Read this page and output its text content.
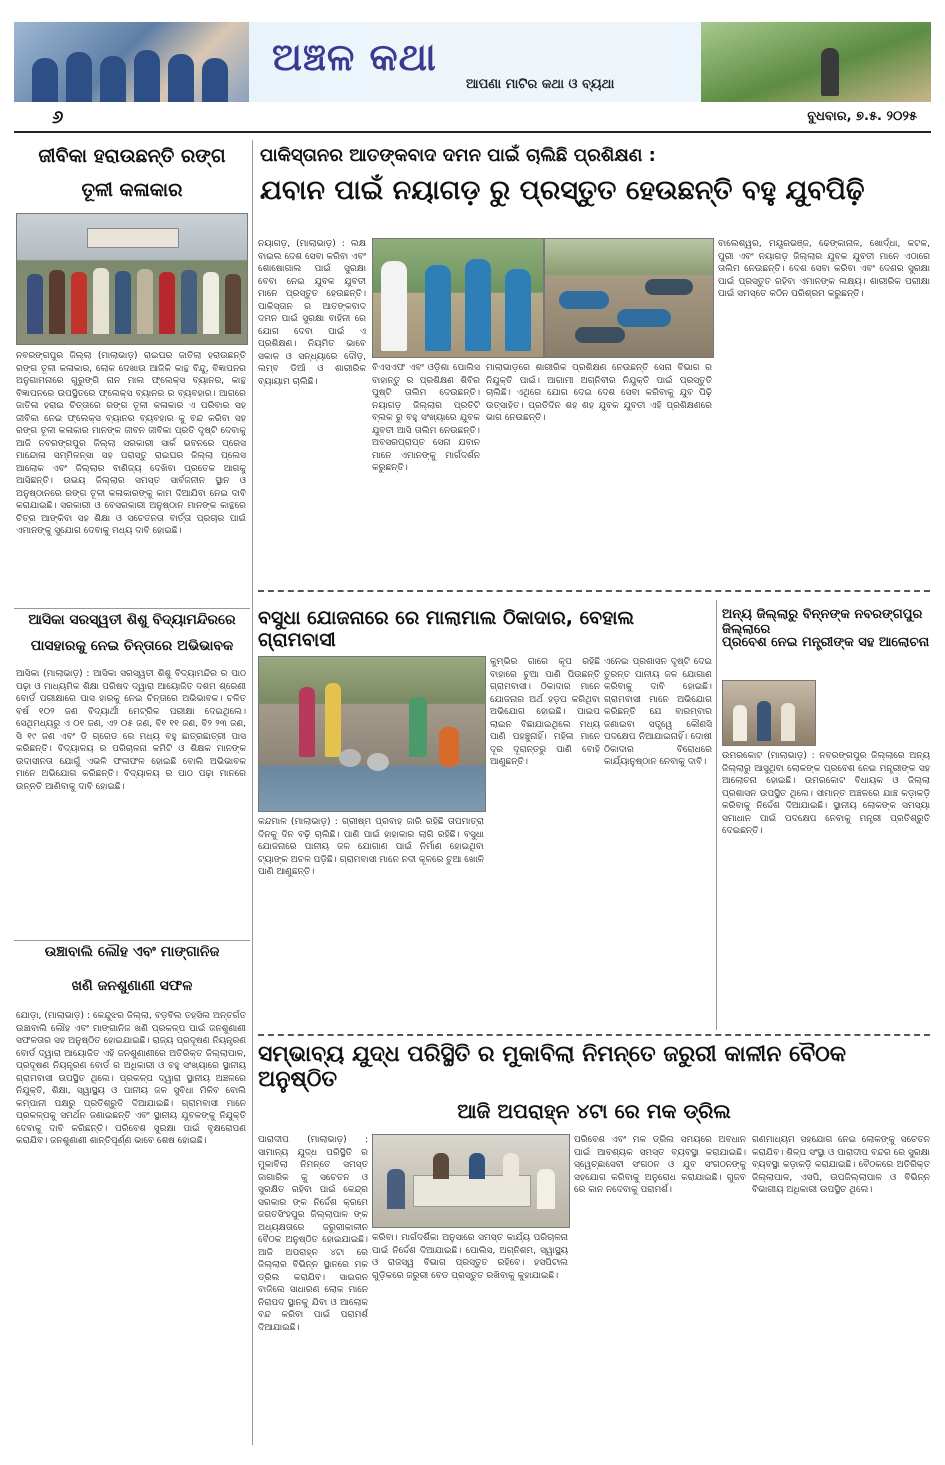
ଅଞ୍ଚଳ କଥା
ଆପଣା ମାଟିର କଥା ଓ ବ୍ୟଥା
୬	ବୁଧବାର, ୭.୫. ୨୦୨୫
ଜୀବିକା ହରାଉଛନ୍ତି ରଙ୍ଗ
ତୂଳୀ କଳାକାର
ନବରଙ୍ଗପୁର ଜିଲ୍ଲା (ମାଲାଭାଡ଼) ରାଇଘର ଜାତିଲା ହରାଉଛନ୍ତି ରଙ୍ଗ ତୂଳୀ କଳାକାର, ଲୋକ ଦେଖାଉ ଆଜିକି କାନ୍ଥ ବିନ୍ଦୁ, ବିଜ୍ଞାପନର ଅନୁଗାମନାରେ ଗୁରୁଙ୍ଗି ନାନ ମାଲ ଫ୍ଲେକ୍ସ ବ୍ୟାନର, କାନ୍ଥ ବିଜ୍ଞାପନରେ ଉପସ୍ଥିତରେ ଫ୍ଲେକ୍ସ ବ୍ୟାନର ର ବ୍ୟବହାର। ଆଗରେ ଜାତିଳା ହରାଇ ଚିତ୍ତାରେ ରଙ୍ଗ ତୂଳୀ କଳାକାର ଏ ପରିବାର ସହ ଜୀବିକା ନେଇ ଫ୍ଲେକ୍ସ ବ୍ୟାନର ବ୍ୟବହାର କୁ ବନ୍ଦ କରିବା ସହ ରଙ୍ଗ ତୂଳୀ କଳାକାର ମାନଙ୍କ ଜୀବନ ଜୀବିକା ପ୍ରତି ଦୃଷ୍ଟି ଦେବାକୁ ଆଜି ନବରଙ୍ଗପୁର ଜିଲ୍ଲା ସରକାରୀ ସାର୍କ ଭବନରେ ପ୍ରେସ ମାନ୍ଦୋଳା ସମ୍ମିଳନ୍ସା ସହ ପରାସ୍ତୁ ରାଇଘର ଜିଲ୍ଲା ପ୍ଲେସ ଆଲୋକ ଏବଂ ଜିଲ୍ଲାର ବାଣିଜ୍ୟ ଦେଖିବା ପ୍ରତେକ ଆଗକୁ ଆସିଛନ୍ତି। ଉଭୟ ଜିଲ୍ଲାର ସମସ୍ତ ସାର୍ବଜନୀନ ସ୍ଥାନ ଓ ଅନୁଷ୍ଠାନରେ ରଙ୍ଗ ତୂଳୀ କଳାକାରଙ୍କୁ କାମ ଦିଆଯିବା ନେଇ ଦାବି କରାଯାଇଛି। ସରକାରୀ ଓ ବେସରକାରୀ ଅନୁଷ୍ଠାନ ମାନଙ୍କ କାନ୍ଥରେ ଚିତ୍ର ଆଙ୍କିବା ସହ ଶିକ୍ଷା ଓ ସଚେତନତା ବାର୍ତ୍ତା ପ୍ରଚାର ପାଇଁ ଏମାନଙ୍କୁ ସୁଯୋଗ ଦେବାକୁ ମଧ୍ୟ ଦାବି ହୋଇଛି।
ଆସିକା ସରସ୍ୱତୀ ଶିଶୁ ବିଦ୍ୟାମନ୍ଦିରରେ
ପାସହାରକୁ ନେଇ ଚିନ୍ତାରେ ଅଭିଭାବକ
ଆସିକା (ମାଲାଭାଡ଼) : ଆସିକା ସରସ୍ୱତୀ ଶିଶୁ ବିଦ୍ୟାମନ୍ଦିର ର ପାଠ ପଢ଼ା ଓ ମାଧ୍ୟମିକ ଶିକ୍ଷା ପରିଷଦ ଦ୍ୱାରା ଆୟୋଜିତ ଦଶମ ଶ୍ରେଣୀ ବୋର୍ଡ ପରୀକ୍ଷାରେ ପାସ ହାରକୁ ନେଇ ଚିନ୍ତାରେ ଅଭିଭାବକ। ଚଳିତ ବର୍ଷ ୧୦୨ ଜଣ ବିଦ୍ୟାର୍ଥୀ ମେଟ୍ରିକ ପରୀକ୍ଷା ଦେଇଥିଲେ। ସେଥିମଧ୍ୟରୁ ଏ ୦୧ ଜଣ, ଏ୨ ୦୫ ଜଣ, ବି୧ ୧୧ ଜଣ, ବି୨ ୨୩ ଜଣ, ସି ୧୯ ଜଣ ଏବଂ ଡି ଗ୍ରେଡ ରେ ମଧ୍ୟ ବହୁ ଛାତ୍ରଛାତ୍ରୀ ପାସ କରିଛନ୍ତି। ବିଦ୍ୟାଳୟ ର ପରିଚାଳନା କମିଟି ଓ ଶିକ୍ଷକ ମାନଙ୍କ ଉଦାସୀନତା ଯୋଗୁଁ ଏଭଳି ଫଳାଫଳ ହୋଇଛି ବୋଲି ଅଭିଭାବକ ମାନେ ଅଭିଯୋଗ କରିଛନ୍ତି। ବିଦ୍ୟାଳୟ ର ପାଠ ପଢ଼ା ମାନରେ ଉନ୍ନତି ଆଣିବାକୁ ଦାବି ହୋଇଛି।
ଉଞ୍ଚାବାଲି ଲୌହ ଏବଂ ମାଙ୍ଗାନିଜ
ଖଣି ଜନଶୁଣାଣୀ ସଫଳ
ଯୋଡ଼ା, (ମାଲାଭାଡ଼) : କେନ୍ଦୁଝର ଜିଲ୍ଲା, ବଡ଼ବିଲ ତହସିଲ ଅନ୍ତର୍ଗତ ଉଞ୍ଚାବାଲି ଲୌହ ଏବଂ ମାଙ୍ଗାନିଜ ଖଣି ପ୍ରକଳ୍ପ ପାଇଁ ଜନଶୁଣାଣୀ ସଫଳତାର ସହ ଅନୁଷ୍ଠିତ ହୋଇଯାଇଛି। ରାଜ୍ୟ ପ୍ରଦୂଷଣ ନିୟନ୍ତ୍ରଣ ବୋର୍ଡ ଦ୍ୱାରା ଆୟୋଜିତ ଏହି ଜନଶୁଣାଣୀରେ ଅତିରିକ୍ତ ଜିଲ୍ଲାପାଳ, ପ୍ରଦୂଷଣ ନିୟନ୍ତ୍ରଣ ବୋର୍ଡ ର ଅଧିକାରୀ ଓ ବହୁ ସଂଖ୍ୟାରେ ସ୍ଥାନୀୟ ଗ୍ରାମବାସୀ ଉପସ୍ଥିତ ଥିଲେ। ପ୍ରକଳ୍ପ ଦ୍ୱାରା ସ୍ଥାନୀୟ ଅଞ୍ଚଳରେ ନିଯୁକ୍ତି, ଶିକ୍ଷା, ସ୍ୱାସ୍ଥ୍ୟ ଓ ପାନୀୟ ଜଳ ସୁବିଧା ମିଳିବ ବୋଲି କମ୍ପାନୀ ପକ୍ଷରୁ ପ୍ରତିଶ୍ରୁତି ଦିଆଯାଇଛି। ଗ୍ରାମବାସୀ ମାନେ ପ୍ରକଳ୍ପକୁ ସମର୍ଥନ ଜଣାଇଛନ୍ତି ଏବଂ ସ୍ଥାନୀୟ ଯୁବକଙ୍କୁ ନିଯୁକ୍ତି ଦେବାକୁ ଦାବି କରିଛନ୍ତି। ପରିବେଶ ସୁରକ୍ଷା ପାଇଁ ବୃକ୍ଷରୋପଣ କରାଯିବ। ଜନଶୁଣାଣୀ ଶାନ୍ତିପୂର୍ଣ୍ଣ ଭାବେ ଶେଷ ହୋଇଛି।
ପାକିସ୍ତାନର ଆତଙ୍କବାଦ ଦମନ ପାଇଁ ଚାଲିଛି ପ୍ରଶିକ୍ଷଣ :
ଯବାନ ପାଇଁ ନୟାଗଡ଼ ରୁ ପ୍ରସ୍ତୁତ ହେଉଛନ୍ତି ବହୁ ଯୁବପିଢ଼ି
ନୟାଗଡ଼, (ମାଲାଭାଡ଼) : ଲକ୍ଷ ବାଇଲ ଦେଶ ସେବା କରିବା ଏବଂ ଶୋଷୋଗାଲ ପାଇଁ ସୁରକ୍ଷା ବେବା ନେଇ ଯୁବକ ଯୁବତୀ ମାନେ ପ୍ରସ୍ତୁତ ହେଉଛନ୍ତି। ପାକିସ୍ତାନ ର ଆତଙ୍କବାଦ ଦମନ ପାଇଁ ସୁରକ୍ଷା ବାହିନୀ ରେ ଯୋଗ ଦେବା ପାଇଁ ଏ ପ୍ରଶିକ୍ଷଣ। ନିୟମିତ ଭାବେ ସକାଳ ଓ ସନ୍ଧ୍ୟାରେ ଦୌଡ଼, ଲମ୍ବ ଡିଆଁ ଓ ଶାରୀରିକ ବ୍ୟାୟାମ ଚାଲିଛି।
ବିଏସଏଫ ଏବଂ ଓଡ଼ିଶା ପୋଲିସ ବାହାନ୍ତୁ ର ପ୍ରଶିକ୍ଷଣ ଶିବିର ପୁଷ୍ଟି ତାଲିମ ଦେଉଛନ୍ତି। ନୟାଗଡ଼ ଜିଲ୍ଲାର ପ୍ରତିଟି ବ୍ଲକ ରୁ ବହୁ ସଂଖ୍ୟାରେ ଯୁବକ ଯୁବତୀ ଆସି ତାଲିମ ନେଉଛନ୍ତି। ଅବସରପ୍ରାପ୍ତ ସେନା ଯବାନ ମାନେ ଏମାନଙ୍କୁ ମାର୍ଗଦର୍ଶନ କରୁଛନ୍ତି।
ମାଲାଭାଡ଼ରେ ଶାରୀରିକ ପ୍ରଶିକ୍ଷଣ ନେଉଛନ୍ତି ସେନା ବିଭାଗ ର ନିଯୁକ୍ତି ପାଇଁ। ଆଗାମୀ ଅଗ୍ନିବୀର ନିଯୁକ୍ତି ପାଇଁ ପ୍ରସ୍ତୁତି ଚାଲିଛି। ଏଥିରେ ଯୋଗ ଦେଇ ଦେଶ ସେବା କରିବାକୁ ଯୁବ ପିଢ଼ି ଉତ୍ସାହିତ। ପ୍ରତିଦିନ ଶହ ଶହ ଯୁବକ ଯୁବତୀ ଏହି ପ୍ରଶିକ୍ଷଣରେ ଭାଗ ନେଉଛନ୍ତି।
ବାଲେଶ୍ୱର, ମୟୂରଭଞ୍ଜ, ଢେଙ୍କାନାଳ, ଖୋର୍ଦ୍ଧା, କଟକ, ପୁରୀ ଏବଂ ନୟାଗଡ଼ ଜିଲ୍ଲାର ଯୁବକ ଯୁବତୀ ମାନେ ଏଠାରେ ତାଲିମ ନେଉଛନ୍ତି। ଦେଶ ସେବା କରିବା ଏବଂ ଦେଶର ସୁରକ୍ଷା ପାଇଁ ପ୍ରସ୍ତୁତ ରହିବା ଏମାନଙ୍କ ଲକ୍ଷ୍ୟ। ଶାରୀରିକ ପରୀକ୍ଷା ପାଇଁ ସମସ୍ତେ କଠିନ ପରିଶ୍ରମ କରୁଛନ୍ତି।
ବସୁଧା ଯୋଜନାରେ ରେ ମାଲାମାଲ ଠିକାଦାର, ବେହାଲ ଗ୍ରାମବାସୀ
କନ୍ଦମାଳ (ମାଲାଭାଡ଼) : ଗ୍ରୀଷ୍ମ ପ୍ରବାହ ଜାରି ରହିଛି ତାପମାତ୍ରା ଦିନକୁ ଦିନ ବଢ଼ି ଚାଲିଛି। ପାଣି ପାଇଁ ହାହାକାର ଲାଗି ରହିଛି। ବସୁଧା ଯୋଜନାରେ ପାନୀୟ ଜଳ ଯୋଗାଣ ପାଇଁ ନିର୍ମାଣ ହୋଇଥିବା ଟ୍ୟାଙ୍କ ଅଚଳ ପଡ଼ିଛି। ଗ୍ରାମବାସୀ ମାନେ ନଦୀ କୂଳରେ ଚୁଆ ଖୋଳି ପାଣି ଆଣୁଛନ୍ତି।
କୁମ୍ଭିର ଗାରେ କୂପ ରହିଛି ବାହାରେ ଚୁଆ ପାଣି ପିଉଛନ୍ତି ଗ୍ରାମବାସୀ। ଠିକାଦାର ମାନେ ଯୋଜନାର ଅର୍ଥ ହଡ଼ପ କରିଥିବା ଅଭିଯୋଗ ହୋଇଛି। ପାଇପ ଲାଇନ ବିଛାଯାଇଥିଲେ ମଧ୍ୟ ପାଣି ପହଞ୍ଚୁନାହିଁ। ମହିଳା ମାନେ ଦୂର ଦୂରାନ୍ତରୁ ପାଣି ବୋହି ଆଣୁଛନ୍ତି।
ଏନେଇ ପ୍ରଶାସନ ଦୃଷ୍ଟି ଦେଇ ତୁରନ୍ତ ପାନୀୟ ଜଳ ଯୋଗାଣ କରିବାକୁ ଦାବି ହୋଇଛି। ଗ୍ରାମବାସୀ ମାନେ ଅଭିଯୋଗ କରିଛନ୍ତି ଯେ ବାରମ୍ବାର ଜଣାଇବା ସତ୍ତ୍ୱେ କୌଣସି ପଦକ୍ଷେପ ନିଆଯାଇନାହିଁ। ଦୋଷୀ ଠିକାଦାର ବିରୋଧରେ କାର୍ଯ୍ୟାନୁଷ୍ଠାନ ନେବାକୁ ଦାବି।
ଅନ୍ୟ ଜିଲ୍ଲାରୁ ବିନ୍ନଙ୍କ ନବରଙ୍ଗପୁର ଜିଲ୍ଲାରେ
ପ୍ରବେଶ ନେଇ ମନ୍ତ୍ରୀଙ୍କ ସହ ଆଲୋଚନା
ଉମରକୋଟ (ମାଲାଭାଡ଼) : ନବରଙ୍ଗପୁର ଜିଲ୍ଲାରେ ଅନ୍ୟ ଜିଲ୍ଲାରୁ ଆସୁଥିବା ଲୋକଙ୍କ ପ୍ରବେଶ ନେଇ ମନ୍ତ୍ରୀଙ୍କ ସହ ଆଲୋଚନା ହୋଇଛି। ଉମରକୋଟ ବିଧାୟକ ଓ ଜିଲ୍ଲା ପ୍ରଶାସନ ଉପସ୍ଥିତ ଥିଲେ। ସୀମାନ୍ତ ଅଞ୍ଚଳରେ ଯାଞ୍ଚ କଡ଼ାକଡ଼ି କରିବାକୁ ନିର୍ଦ୍ଦେଶ ଦିଆଯାଇଛି। ସ୍ଥାନୀୟ ଲୋକଙ୍କ ସମସ୍ୟା ସମାଧାନ ପାଇଁ ପଦକ୍ଷେପ ନେବାକୁ ମନ୍ତ୍ରୀ ପ୍ରତିଶ୍ରୁତି ଦେଇଛନ୍ତି।
ସମ୍ଭାବ୍ୟ ଯୁଦ୍ଧ ପରିସ୍ଥିତି ର ମୁକାବିଲା ନିମନ୍ତେ ଜରୁରୀ କାଳୀନ ବୈଠକ ଅନୁଷ୍ଠିତ
ଆଜି ଅପରାହ୍ନ ୪ଟା ରେ ମକ ଡ୍ରିଲ
ପାରାଦୀପ (ମାଲାଭାଡ଼) : ସାମାନ୍ୟ ଯୁଦ୍ଧ ପରିସ୍ଥିତି ର ମୁକାବିଲା ନିମନ୍ତେ ସମସ୍ତ ଜାଗାରିକ କୁ ସଚେତନ ଓ ସୁରକ୍ଷିତ ରହିବା ପାଇଁ କେନ୍ଦ୍ର ସରକାର ଙ୍କ ନିର୍ଦ୍ଦେଶ କ୍ରମେ ଜଗତସିଂହପୁର ଜିଲ୍ଲାପାଳ ଙ୍କ ଅଧ୍ୟକ୍ଷତାରେ ଜରୁରୀକାଳୀନ ବୈଠକ ଅନୁଷ୍ଠିତ ହୋଇଯାଇଛି। ଆଜି ଅପରାହ୍ନ ୪ଟା ରେ ଜିଲ୍ଲାର ବିଭିନ୍ନ ସ୍ଥାନରେ ମକ ଡ୍ରିଲ କରାଯିବ। ସାଇରନ ବାଜିଲେ ସାଧାରଣ ଲୋକ ମାନେ ନିରାପଦ ସ୍ଥାନକୁ ଯିବା ଓ ଆଲୋକ ବନ୍ଦ କରିବା ପାଇଁ ପରାମର୍ଶ ଦିଆଯାଇଛି।
କରିବା। ମାର୍ଗଦର୍ଶିକା ଅନୁସାରେ ସମସ୍ତ କାର୍ଯ୍ୟ ପରିଚାଳନା ପାଇଁ ନିର୍ଦ୍ଦେଶ ଦିଆଯାଇଛି। ପୋଲିସ, ଅଗ୍ନିଶମ, ସ୍ୱାସ୍ଥ୍ୟ ଓ ରାଜସ୍ୱ ବିଭାଗ ପ୍ରସ୍ତୁତ ରହିବେ। ହସପିଟାଲ ଗୁଡ଼ିକରେ ଜରୁରୀ ବେଡ ପ୍ରସ୍ତୁତ ରଖିବାକୁ କୁହାଯାଇଛି।
ପରିବେଶ ଏବଂ ମକ ଡ୍ରିଲ ସମୟରେ ଅବଧାନ ପାଇଁ ଆବଶ୍ୟକ ସମସ୍ତ ବ୍ୟବସ୍ଥା କରାଯାଇଛି। ସ୍ୱେଚ୍ଛାସେବୀ ସଂଗଠନ ଓ ଯୁବ ସଂଗଠନଙ୍କୁ ସହଯୋଗ କରିବାକୁ ଅନୁରୋଧ କରାଯାଇଛି। ଗୁଜବ ରେ କାନ ନଦେବାକୁ ପରାମର୍ଶ।
ଗଣମାଧ୍ୟମ ସହଯୋଗ ନେଇ ଲୋକଙ୍କୁ ସଚେତନ କରାଯିବ। ଶିଳ୍ପ ସଂସ୍ଥା ଓ ପାରାଦୀପ ବନ୍ଦର ରେ ସୁରକ୍ଷା ବ୍ୟବସ୍ଥା କଡ଼ାକଡ଼ି କରାଯାଇଛି। ବୈଠକରେ ଅତିରିକ୍ତ ଜିଲ୍ଲାପାଳ, ଏସପି, ଉପଜିଲ୍ଲାପାଳ ଓ ବିଭିନ୍ନ ବିଭାଗୀୟ ଅଧିକାରୀ ଉପସ୍ଥିତ ଥିଲେ।
